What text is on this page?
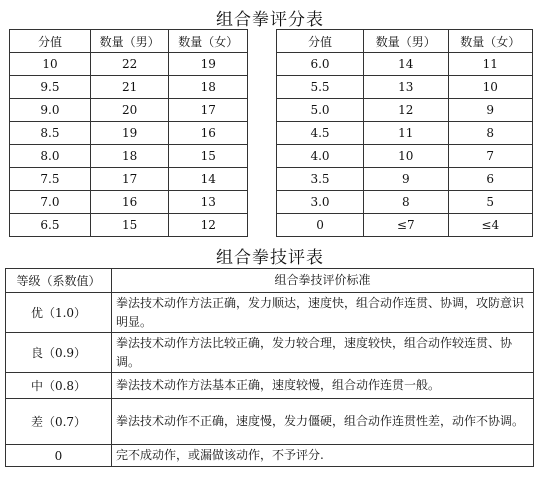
组合拳评分表
分值	数量（男）	数量（女）
10	22	19
9.5	21	18
9.0	20	17
8.5	19	16
8.0	18	15
7.5	17	14
7.0	16	13
6.5	15	12
分值	数量（男）	数量（女）
6.0	14	11
5.5	13	10
5.0	12	9
4.5	11	8
4.0	10	7
3.5	9	6
3.0	8	5
0	≤7	≤4
组合拳技评表
等级（系数值）	组合拳技评价标准
优（1.0）	拳法技术动作方法正确，发力顺达，速度快，组合动作连贯、协调，攻防意识明显。
良（0.9）	拳法技术动作方法比较正确，发力较合理，速度较快，组合动作较连贯、协调。
中（0.8）	拳法技术动作方法基本正确，速度较慢，组合动作连贯一般。
差（0.7）	拳法技术动作不正确，速度慢，发力僵硬，组合动作连贯性差，动作不协调。
0	完不成动作，或漏做该动作，不予评分.
